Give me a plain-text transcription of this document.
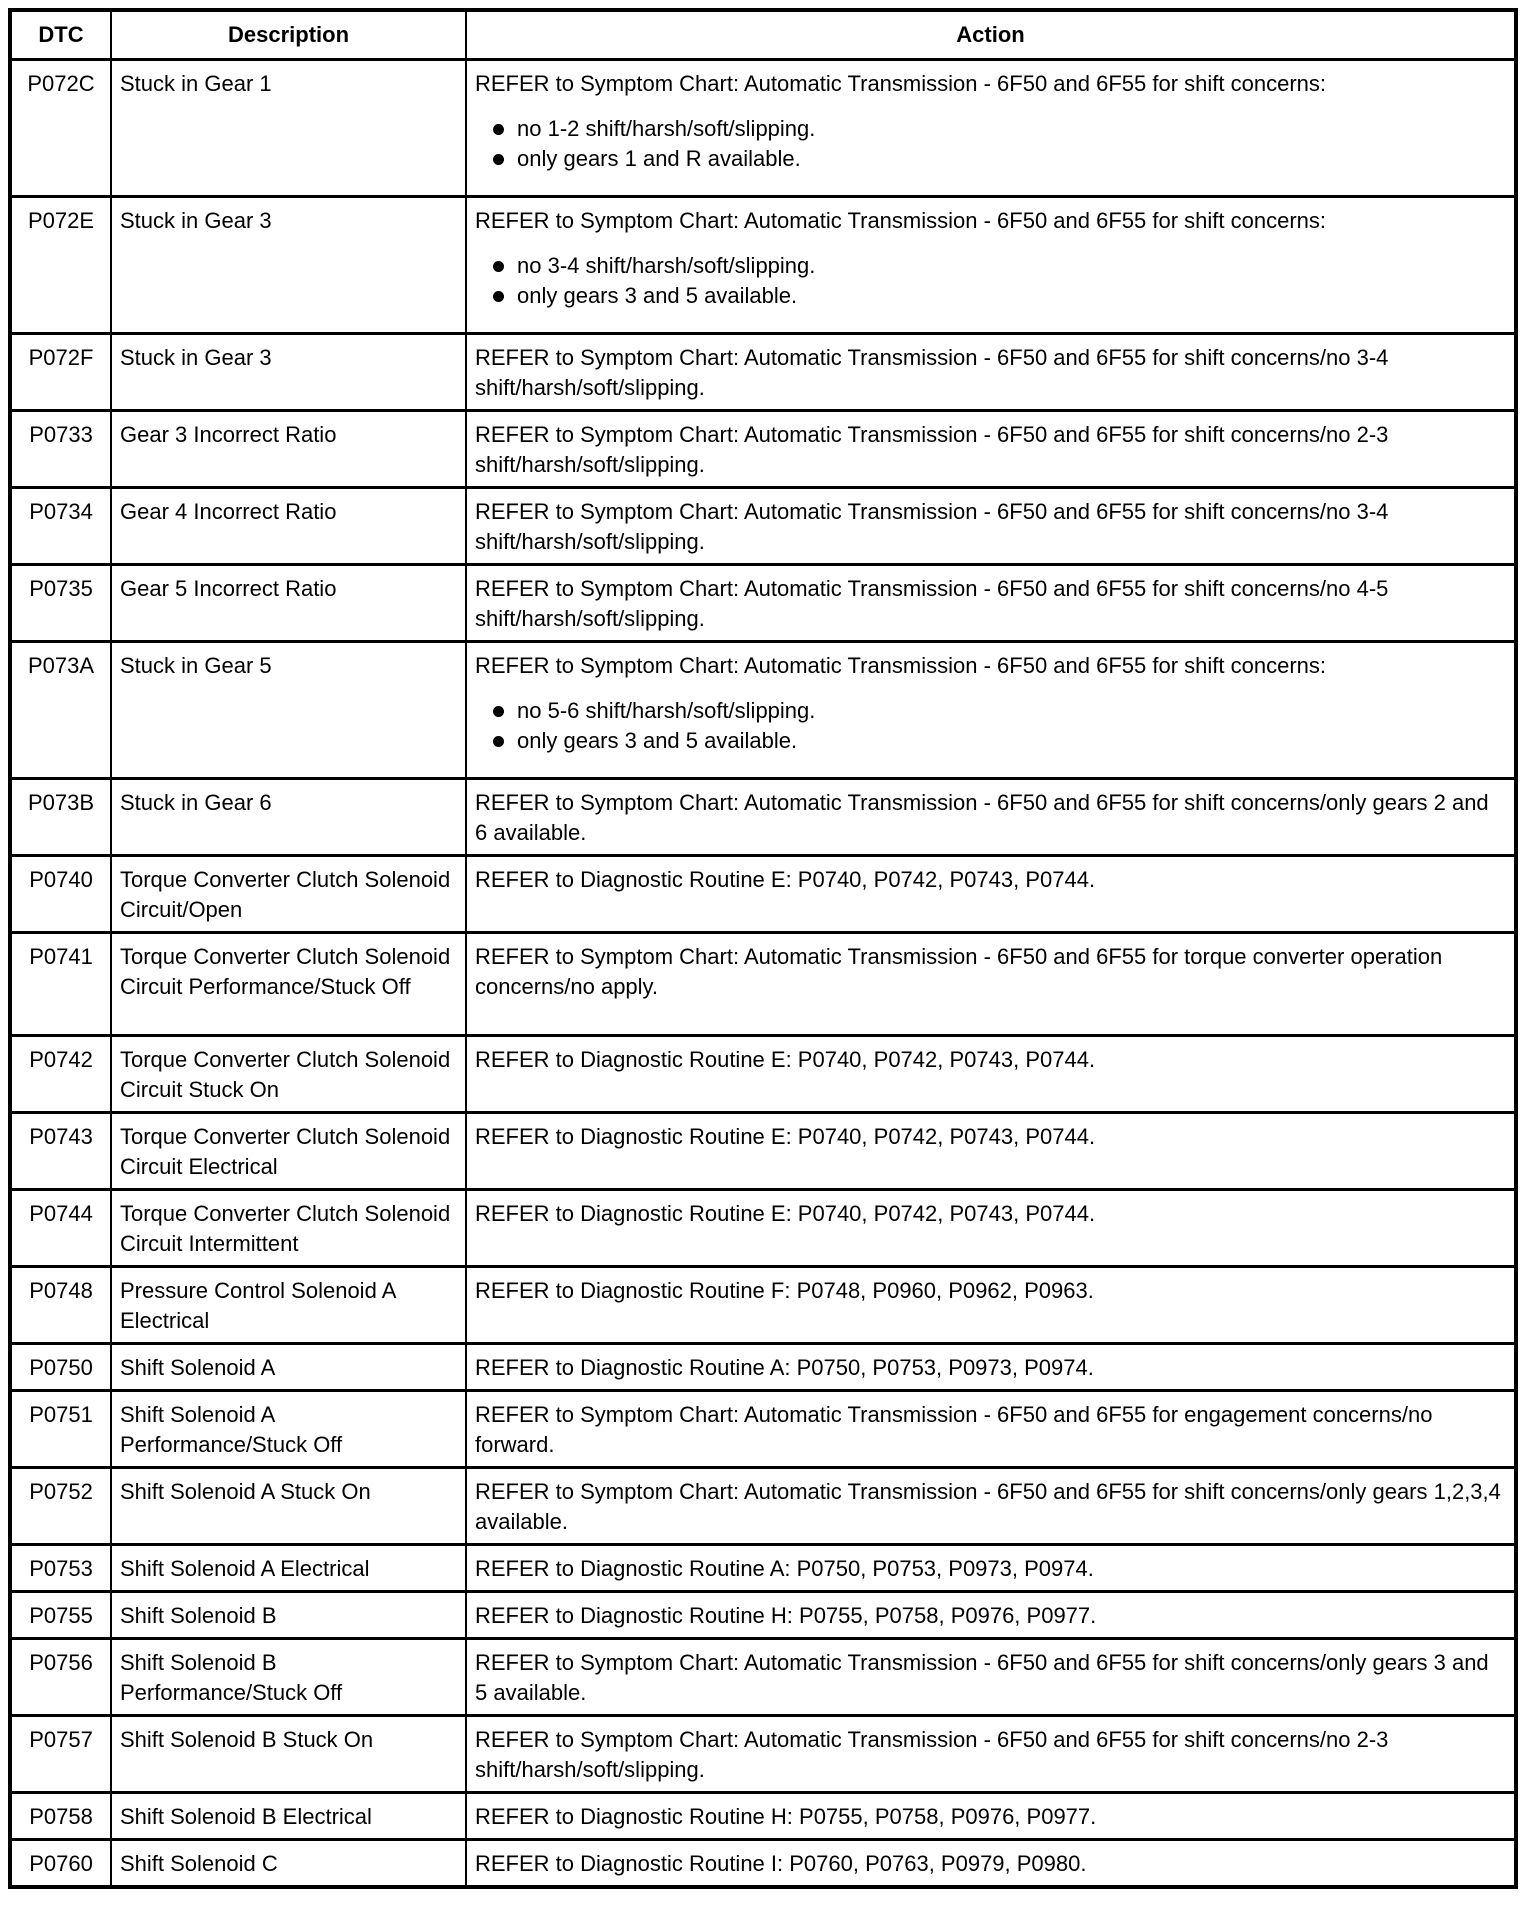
DTC	Description	Action
P072C	Stuck in Gear 1	REFER to Symptom Chart: Automatic Transmission - 6F50 and 6F55 for shift concerns:
no 1-2 shift/harsh/soft/slipping.
only gears 1 and R available.

P072E	Stuck in Gear 3	REFER to Symptom Chart: Automatic Transmission - 6F50 and 6F55 for shift concerns:
no 3-4 shift/harsh/soft/slipping.
only gears 3 and 5 available.

P072F	Stuck in Gear 3	REFER to Symptom Chart: Automatic Transmission - 6F50 and 6F55 for shift concerns/no 3-4 shift/harsh/soft/slipping.
P0733	Gear 3 Incorrect Ratio	REFER to Symptom Chart: Automatic Transmission - 6F50 and 6F55 for shift concerns/no 2-3 shift/harsh/soft/slipping.
P0734	Gear 4 Incorrect Ratio	REFER to Symptom Chart: Automatic Transmission - 6F50 and 6F55 for shift concerns/no 3-4 shift/harsh/soft/slipping.
P0735	Gear 5 Incorrect Ratio	REFER to Symptom Chart: Automatic Transmission - 6F50 and 6F55 for shift concerns/no 4-5 shift/harsh/soft/slipping.
P073A	Stuck in Gear 5	REFER to Symptom Chart: Automatic Transmission - 6F50 and 6F55 for shift concerns:
no 5-6 shift/harsh/soft/slipping.
only gears 3 and 5 available.

P073B	Stuck in Gear 6	REFER to Symptom Chart: Automatic Transmission - 6F50 and 6F55 for shift concerns/only gears 2 and 6 available.
P0740	Torque Converter Clutch Solenoid Circuit/Open	REFER to Diagnostic Routine E: P0740, P0742, P0743, P0744.
P0741	Torque Converter Clutch Solenoid Circuit Performance/Stuck Off	REFER to Symptom Chart: Automatic Transmission - 6F50 and 6F55 for torque converter operation concerns/no apply.
P0742	Torque Converter Clutch Solenoid Circuit Stuck On	REFER to Diagnostic Routine E: P0740, P0742, P0743, P0744.
P0743	Torque Converter Clutch Solenoid Circuit Electrical	REFER to Diagnostic Routine E: P0740, P0742, P0743, P0744.
P0744	Torque Converter Clutch Solenoid Circuit Intermittent	REFER to Diagnostic Routine E: P0740, P0742, P0743, P0744.
P0748	Pressure Control Solenoid A Electrical	REFER to Diagnostic Routine F: P0748, P0960, P0962, P0963.
P0750	Shift Solenoid A	REFER to Diagnostic Routine A: P0750, P0753, P0973, P0974.
P0751	Shift Solenoid A Performance/Stuck Off	REFER to Symptom Chart: Automatic Transmission - 6F50 and 6F55 for engagement concerns/no forward.
P0752	Shift Solenoid A Stuck On	REFER to Symptom Chart: Automatic Transmission - 6F50 and 6F55 for shift concerns/only gears 1,2,3,4 available.
P0753	Shift Solenoid A Electrical	REFER to Diagnostic Routine A: P0750, P0753, P0973, P0974.
P0755	Shift Solenoid B	REFER to Diagnostic Routine H: P0755, P0758, P0976, P0977.
P0756	Shift Solenoid B Performance/Stuck Off	REFER to Symptom Chart: Automatic Transmission - 6F50 and 6F55 for shift concerns/only gears 3 and 5 available.
P0757	Shift Solenoid B Stuck On	REFER to Symptom Chart: Automatic Transmission - 6F50 and 6F55 for shift concerns/no 2-3 shift/harsh/soft/slipping.
P0758	Shift Solenoid B Electrical	REFER to Diagnostic Routine H: P0755, P0758, P0976, P0977.
P0760	Shift Solenoid C	REFER to Diagnostic Routine I: P0760, P0763, P0979, P0980.
